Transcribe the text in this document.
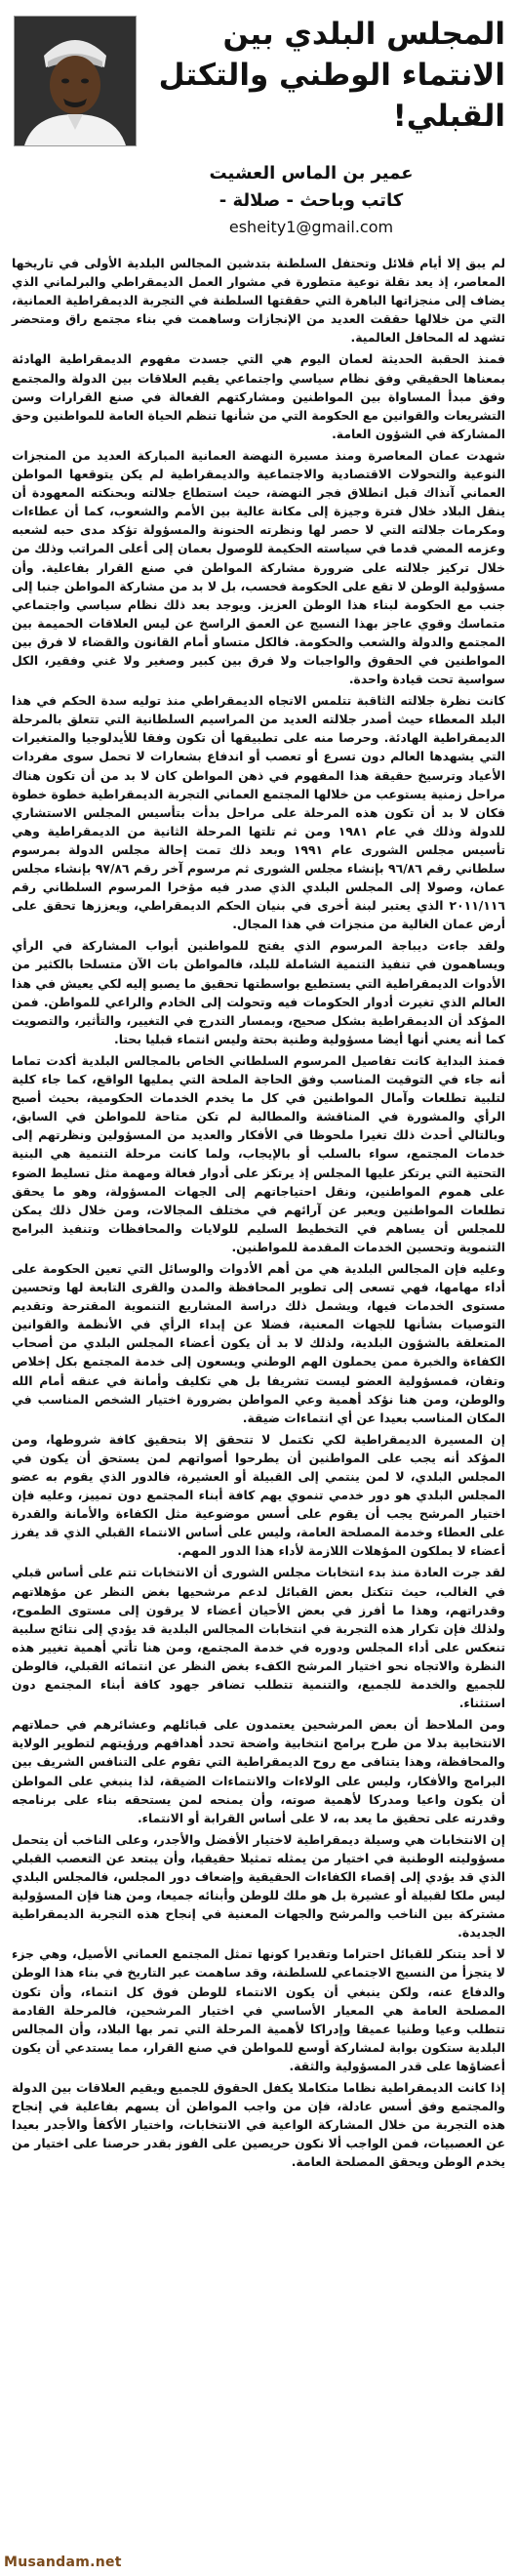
المجلس البلدي بين الانتماء الوطني والتكتل القبلي!
عمير بن الماس العشيت
كاتب وباحث - صلالة -
esheity1@gmail.com

لم يبق إلا أيام قلائل وتحتفل السلطنة بتدشين المجالس البلدية الأولى في تاريخها المعاصر، إذ يعد نقلة نوعية متطورة في مشوار العمل الديمقراطي والبرلماني الذي يضاف إلى منجزاتها الباهرة التي حققتها السلطنة في التجربة الديمقراطية العمانية، التي من خلالها حققت العديد من الإنجازات وساهمت في بناء مجتمع راق ومتحضر تشهد له المحافل العالمية.

فمنذ الحقبة الحديثة لعمان اليوم هي التي جسدت مفهوم الديمقراطية الهادئة بمعناها الحقيقي وفق نظام سياسي واجتماعي يقيم العلاقات بين الدولة والمجتمع وفق مبدأ المساواة بين المواطنين ومشاركتهم الفعالة في صنع القرارات وسن التشريعات والقوانين مع الحكومة التي من شأنها تنظم الحياة العامة للمواطنين وحق المشاركة في الشؤون العامة.

شهدت عمان المعاصرة ومنذ مسيرة النهضة العمانية المباركة العديد من المنجزات النوعية والتحولات الاقتصادية والاجتماعية والديمقراطية لم يكن يتوقعها المواطن العماني آنذاك قبل انطلاق فجر النهضة، حيث استطاع جلالته وبحنكته المعهودة أن ينقل البلاد خلال فترة وجيزة إلى مكانة عالية بين الأمم والشعوب، كما أن عطاءات ومكرمات جلالته التي لا حصر لها ونظرته الحنونة والمسؤولة تؤكد مدى حبه لشعبه وعزمه المضي قدما في سياسته الحكيمة للوصول بعمان إلى أعلى المراتب وذلك من خلال تركيز جلالته على ضرورة مشاركة المواطن في صنع القرار بفاعلية. وأن مسؤولية الوطن لا تقع على الحكومة فحسب، بل لا بد من مشاركة المواطن جنبا إلى جنب مع الحكومة لبناء هذا الوطن العزيز. ويوجد بعد ذلك نظام سياسي واجتماعي متماسك وقوي عاجز بهذا النسيج عن العمق الراسخ عن ليس العلاقات الحميمة بين المجتمع والدولة والشعب والحكومة. فالكل متساو أمام القانون والقضاء لا فرق بين المواطنين في الحقوق والواجبات ولا فرق بين كبير وصغير ولا غني وفقير، الكل سواسية تحت قيادة واحدة.

كانت نظرة جلالته الثاقبة تتلمس الاتجاه الديمقراطي منذ توليه سدة الحكم في هذا البلد المعطاء حيث أصدر جلالته العديد من المراسيم السلطانية التي تتعلق بالمرحلة الديمقراطية الهادئة. وحرصا منه على تطبيقها أن تكون وفقا للأيدلوجيا والمتغيرات التي يشهدها العالم دون تسرع أو تعصب أو اندفاع بشعارات لا تحمل سوى مفردات الأعياد وترسيخ حقيقة هذا المفهوم في ذهن المواطن كان لا بد من أن تكون هناك مراحل زمنية يستوعب من خلالها المجتمع العماني التجربة الديمقراطية خطوة خطوة فكان لا بد أن تكون هذه المرحلة على مراحل بدأت بتأسيس المجلس الاستشاري للدولة وذلك في عام ١٩٨١ ومن ثم تلتها المرحلة الثانية من الديمقراطية وهي تأسيس مجلس الشورى عام ١٩٩١ وبعد ذلك تمت إحالة مجلس الدولة بمرسوم سلطاني رقم ٩٦/٨٦ بإنشاء مجلس الشورى ثم مرسوم آخر رقم ٩٧/٨٦ بإنشاء مجلس عمان، وصولا إلى المجلس البلدي الذي صدر فيه مؤخرا المرسوم السلطاني رقم ٢٠١١/١١٦ الذي يعتبر لبنة أخرى في بنيان الحكم الديمقراطي، ويعززها تحقق على أرض عمان الغالية من منجزات في هذا المجال.

ولقد جاءت ديباجة المرسوم الذي يفتح للمواطنين أبواب المشاركة في الرأي ويساهمون في تنفيذ التنمية الشاملة للبلد، فالمواطن بات الآن متسلحا بالكثير من الأدوات الديمقراطية التي يستطيع بواسطتها تحقيق ما يصبو إليه لكي يعيش في هذا العالم الذي تغيرت أدوار الحكومات فيه وتحولت إلى الخادم والراعي للمواطن. فمن المؤكد أن الديمقراطية بشكل صحيح، وبمسار التدرج في التغيير، والتأثير، والتصويت كما أنه يعني أنها أيضا مسؤولية وطنية بحتة وليس انتماء قبليا بحتا.

فمنذ البداية كانت تفاصيل المرسوم السلطاني الخاص بالمجالس البلدية أكدت تماما أنه جاء في التوقيت المناسب وفق الحاجة الملحة التي يمليها الواقع، كما جاء كلية لتلبية تطلعات وآمال المواطنين في كل ما يخدم الخدمات الحكومية، بحيث أصبح الرأي والمشورة في المناقشة والمطالبة لم تكن متاحة للمواطن في السابق، وبالتالي أحدث ذلك تغيرا ملحوظا في الأفكار والعديد من المسؤولين ونظرتهم إلى خدمات المجتمع، سواء بالسلب أو بالإيجاب، ولما كانت مرحلة التنمية هي البنية التحتية التي يرتكز عليها المجلس إذ يرتكز على أدوار فعالة ومهمة مثل تسليط الضوء على هموم المواطنين، ونقل احتياجاتهم إلى الجهات المسؤولة، وهو ما يحقق تطلعات المواطنين ويعبر عن آرائهم في مختلف المجالات، ومن خلال ذلك يمكن للمجلس أن يساهم في التخطيط السليم للولايات والمحافظات وتنفيذ البرامج التنموية وتحسين الخدمات المقدمة للمواطنين.

وعليه فإن المجالس البلدية هي من أهم الأدوات والوسائل التي تعين الحكومة على أداء مهامها، فهي تسعى إلى تطوير المحافظة والمدن والقرى التابعة لها وتحسين مستوى الخدمات فيها، ويشمل ذلك دراسة المشاريع التنموية المقترحة وتقديم التوصيات بشأنها للجهات المعنية، فضلا عن إبداء الرأي في الأنظمة والقوانين المتعلقة بالشؤون البلدية، ولذلك لا بد أن يكون أعضاء المجلس البلدي من أصحاب الكفاءة والخبرة ممن يحملون الهم الوطني ويسعون إلى خدمة المجتمع بكل إخلاص وتفان، فمسؤولية العضو ليست تشريفا بل هي تكليف وأمانة في عنقه أمام الله والوطن، ومن هنا نؤكد أهمية وعي المواطن بضرورة اختيار الشخص المناسب في المكان المناسب بعيدا عن أي انتماءات ضيقة.

إن المسيرة الديمقراطية لكي تكتمل لا تتحقق إلا بتحقيق كافة شروطها، ومن المؤكد أنه يجب على المواطنين أن يطرحوا أصواتهم لمن يستحق أن يكون في المجلس البلدي، لا لمن ينتمي إلى القبيلة أو العشيرة، فالدور الذي يقوم به عضو المجلس البلدي هو دور خدمي تنموي يهم كافة أبناء المجتمع دون تمييز، وعليه فإن اختيار المرشح يجب أن يقوم على أسس موضوعية مثل الكفاءة والأمانة والقدرة على العطاء وخدمة المصلحة العامة، وليس على أساس الانتماء القبلي الذي قد يفرز أعضاء لا يملكون المؤهلات اللازمة لأداء هذا الدور المهم.

لقد جرت العادة منذ بدء انتخابات مجلس الشورى أن الانتخابات تتم على أساس قبلي في الغالب، حيث تتكتل بعض القبائل لدعم مرشحيها بغض النظر عن مؤهلاتهم وقدراتهم، وهذا ما أفرز في بعض الأحيان أعضاء لا يرقون إلى مستوى الطموح، ولذلك فإن تكرار هذه التجربة في انتخابات المجالس البلدية قد يؤدي إلى نتائج سلبية تنعكس على أداء المجلس ودوره في خدمة المجتمع، ومن هنا تأتي أهمية تغيير هذه النظرة والاتجاه نحو اختيار المرشح الكفء بغض النظر عن انتمائه القبلي، فالوطن للجميع والخدمة للجميع، والتنمية تتطلب تضافر جهود كافة أبناء المجتمع دون استثناء.

ومن الملاحظ أن بعض المرشحين يعتمدون على قبائلهم وعشائرهم في حملاتهم الانتخابية بدلا من طرح برامج انتخابية واضحة تحدد أهدافهم ورؤيتهم لتطوير الولاية والمحافظة، وهذا يتنافى مع روح الديمقراطية التي تقوم على التنافس الشريف بين البرامج والأفكار، وليس على الولاءات والانتماءات الضيقة، لذا ينبغي على المواطن أن يكون واعيا ومدركا لأهمية صوته، وأن يمنحه لمن يستحقه بناء على برنامجه وقدرته على تحقيق ما يعد به، لا على أساس القرابة أو الانتماء.

إن الانتخابات هي وسيلة ديمقراطية لاختيار الأفضل والأجدر، وعلى الناخب أن يتحمل مسؤوليته الوطنية في اختيار من يمثله تمثيلا حقيقيا، وأن يبتعد عن التعصب القبلي الذي قد يؤدي إلى إقصاء الكفاءات الحقيقية وإضعاف دور المجلس، فالمجلس البلدي ليس ملكا لقبيلة أو عشيرة بل هو ملك للوطن وأبنائه جميعا، ومن هنا فإن المسؤولية مشتركة بين الناخب والمرشح والجهات المعنية في إنجاح هذه التجربة الديمقراطية الجديدة.

لا أحد يتنكر للقبائل احتراما وتقديرا كونها تمثل المجتمع العماني الأصيل، وهي جزء لا يتجزأ من النسيج الاجتماعي للسلطنة، وقد ساهمت عبر التاريخ في بناء هذا الوطن والدفاع عنه، ولكن ينبغي أن يكون الانتماء للوطن فوق كل انتماء، وأن تكون المصلحة العامة هي المعيار الأساسي في اختيار المرشحين، فالمرحلة القادمة تتطلب وعيا وطنيا عميقا وإدراكا لأهمية المرحلة التي تمر بها البلاد، وأن المجالس البلدية ستكون بوابة لمشاركة أوسع للمواطن في صنع القرار، مما يستدعي أن يكون أعضاؤها على قدر المسؤولية والثقة.

إذا كانت الديمقراطية نظاما متكاملا يكفل الحقوق للجميع ويقيم العلاقات بين الدولة والمجتمع وفق أسس عادلة، فإن من واجب المواطن أن يسهم بفاعلية في إنجاح هذه التجربة من خلال المشاركة الواعية في الانتخابات، واختيار الأكفأ والأجدر بعيدا عن العصبيات، فمن الواجب ألا نكون حريصين على الفوز بقدر حرصنا على اختيار من يخدم الوطن ويحقق المصلحة العامة.

Musandam.net
